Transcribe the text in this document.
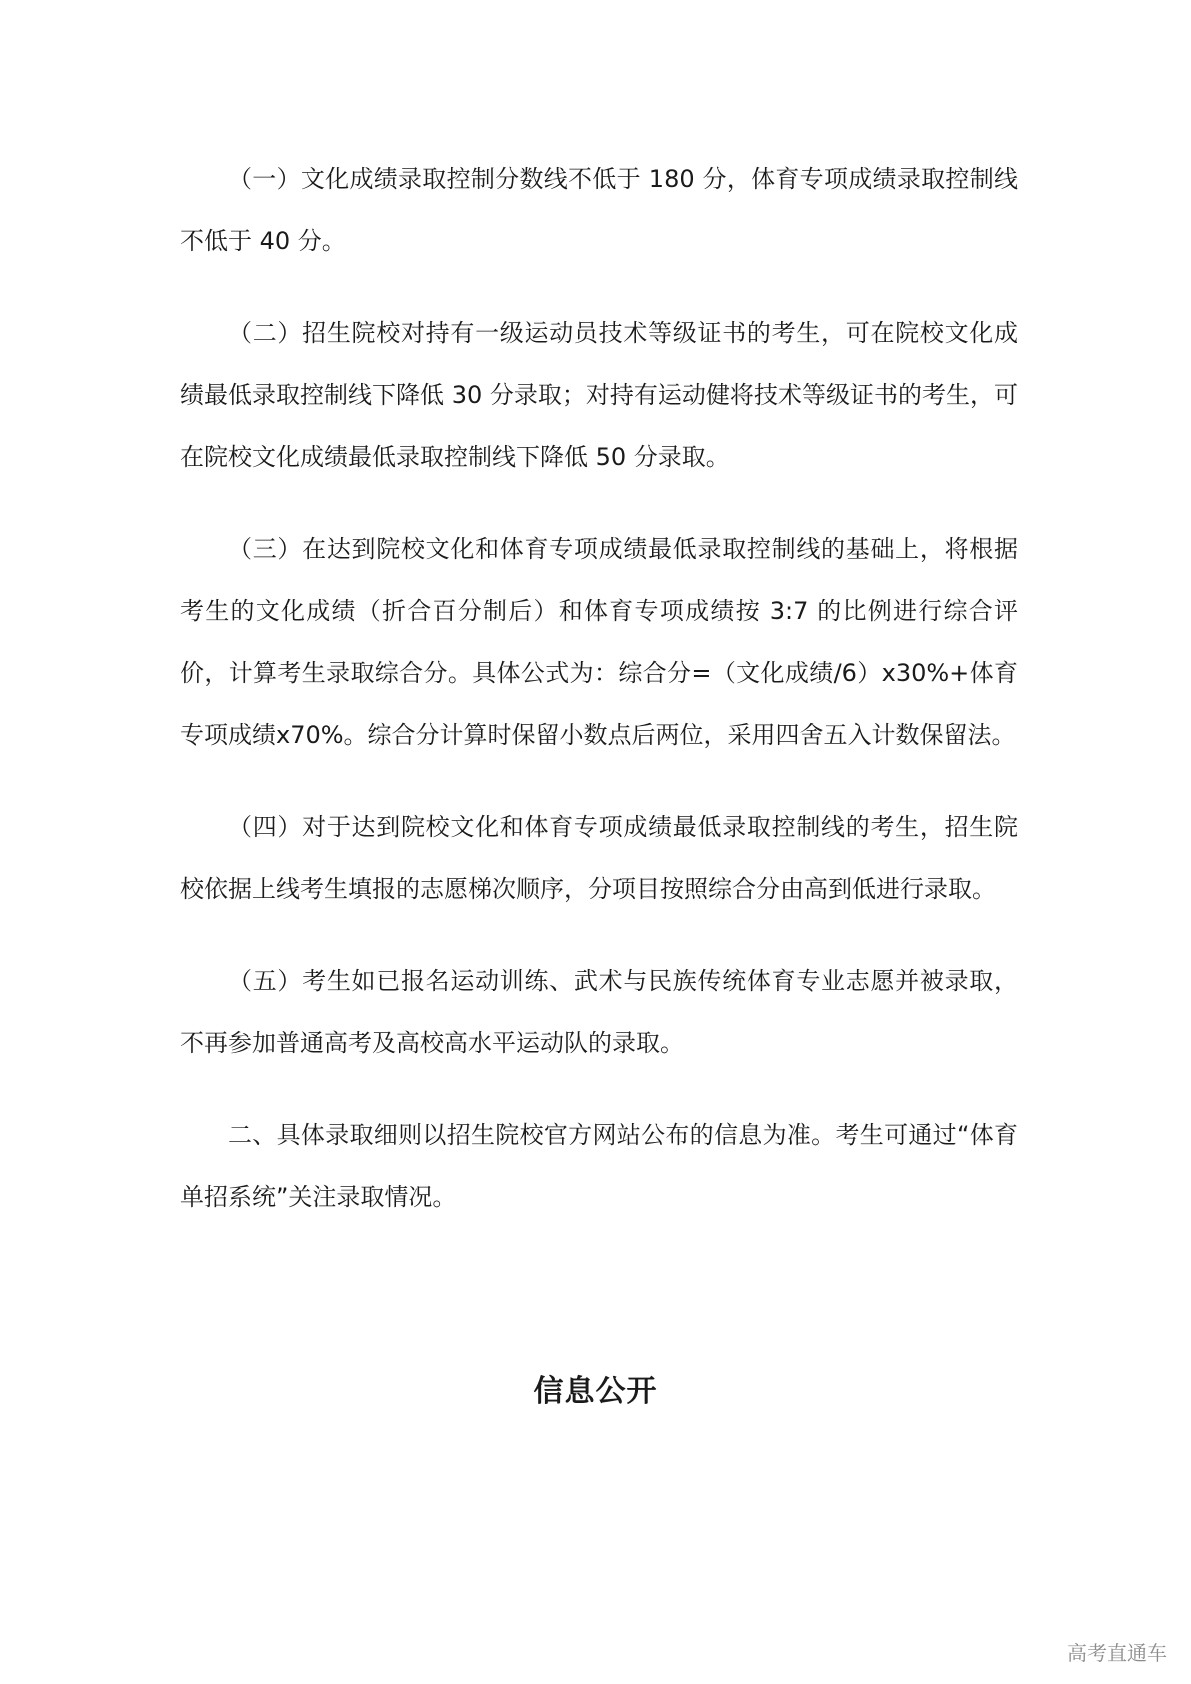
（一）文化成绩录取控制分数线不低于 180 分，体育专项成绩录取控制线不低于 40 分。

（二）招生院校对持有一级运动员技术等级证书的考生，可在院校文化成绩最低录取控制线下降低 30 分录取；对持有运动健将技术等级证书的考生，可在院校文化成绩最低录取控制线下降低 50 分录取。

（三）在达到院校文化和体育专项成绩最低录取控制线的基础上，将根据考生的文化成绩（折合百分制后）和体育专项成绩按 3:7 的比例进行综合评价，计算考生录取综合分。具体公式为：综合分=（文化成绩/6）x30%+体育专项成绩x70%。综合分计算时保留小数点后两位，采用四舍五入计数保留法。

（四）对于达到院校文化和体育专项成绩最低录取控制线的考生，招生院校依据上线考生填报的志愿梯次顺序，分项目按照综合分由高到低进行录取。

（五）考生如已报名运动训练、武术与民族传统体育专业志愿并被录取，不再参加普通高考及高校高水平运动队的录取。

二、具体录取细则以招生院校官方网站公布的信息为准。考生可通过“体育单招系统”关注录取情况。

信息公开
高考直通车
